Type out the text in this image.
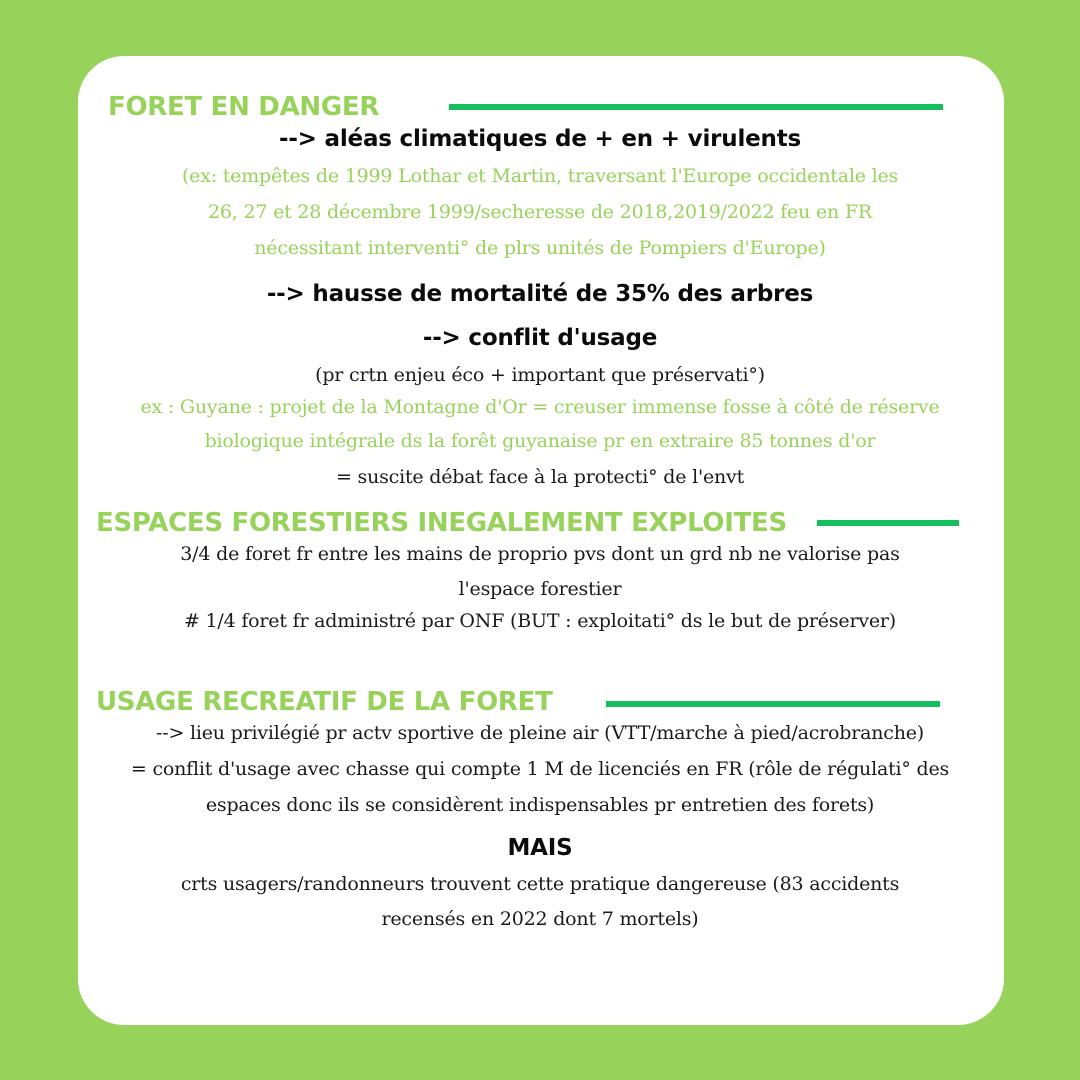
FORET EN DANGER
--> aléas climatiques de + en + virulents
(ex: tempêtes de 1999 Lothar et Martin, traversant l'Europe occidentale les
26, 27 et 28 décembre 1999/secheresse de 2018,2019/2022 feu en FR
nécessitant interventi° de plrs unités de Pompiers d'Europe)
--> hausse de mortalité de 35% des arbres
--> conflit d'usage
(pr crtn enjeu éco + important que préservati°)
ex : Guyane : projet de la Montagne d'Or = creuser immense fosse à côté de réserve
biologique intégrale ds la forêt guyanaise pr en extraire 85 tonnes d'or
= suscite débat face à la protecti° de l'envt
ESPACES FORESTIERS INEGALEMENT EXPLOITES
3/4 de foret fr entre les mains de proprio pvs dont un grd nb ne valorise pas
l'espace forestier
# 1/4 foret fr administré par ONF (BUT : exploitati° ds le but de préserver)
USAGE RECREATIF DE LA FORET
--> lieu privilégié pr actv sportive de pleine air (VTT/marche à pied/acrobranche)
= conflit d'usage avec chasse qui compte 1 M de licenciés en FR (rôle de régulati° des
espaces donc ils se considèrent indispensables pr entretien des forets)
MAIS
crts usagers/randonneurs trouvent cette pratique dangereuse (83 accidents
recensés en 2022 dont 7 mortels)
